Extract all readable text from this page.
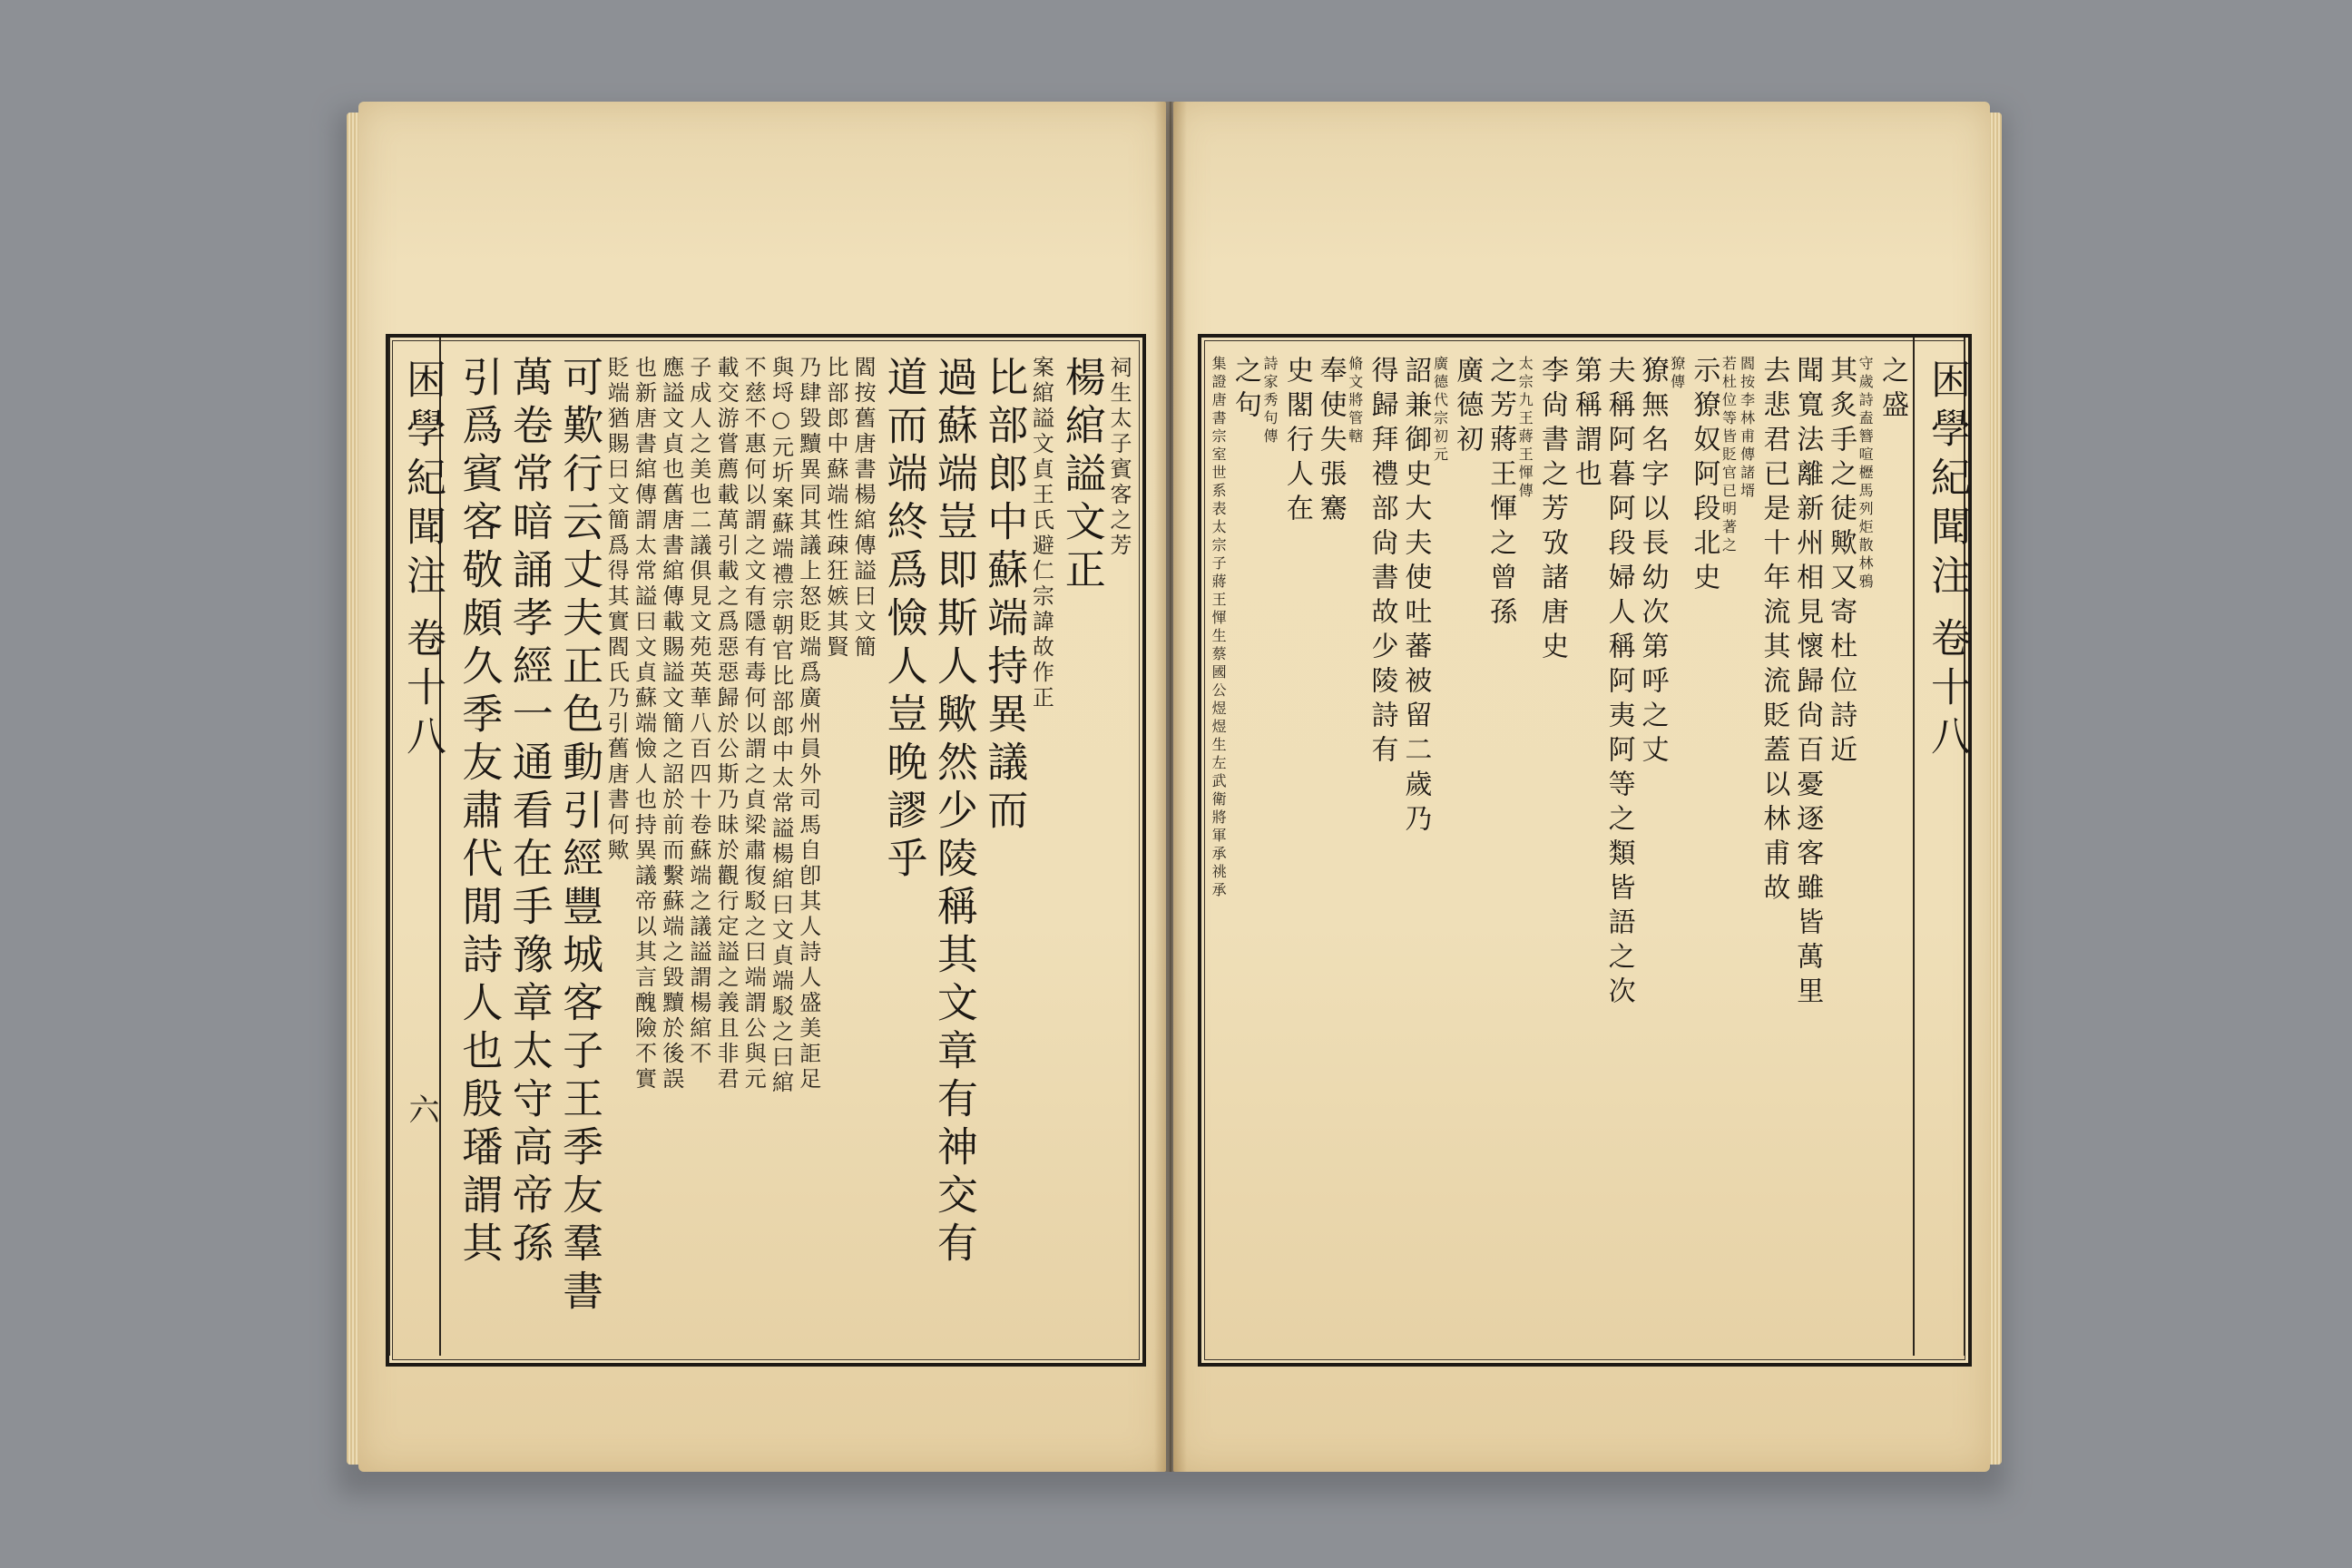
困學紀聞注
卷十八
六
困學紀聞注
卷十八
祠生太子賓客之芳
楊綰謚文正
案綰謚文貞王氏避仁宗諱故作正
比部郎中蘇端持異議而
過蘇端豈即斯人歟然少陵稱其文章有神交有
道而端終爲憸人豈晚謬乎
閻按舊唐書楊綰傳謚曰文簡
比部郎中蘇端性疎狂嫉其賢
乃肆毀黷異同其議上怒貶端爲廣州員外司馬自卽其人詩人盛美詎足
與埒○元圻案蘇端禮宗朝官比部郎中太常謚楊綰曰文貞端駁之曰綰
不慈不惠何以謂之文有隱有毒何以謂之貞梁肅復駁之曰端謂公與元
載交游嘗薦載萬引載之爲惡惡歸於公斯乃昧於觀行定謚之義且非君
子成人之美也二議俱見文苑英華八百四十卷蘇端之議謚謂楊綰不
應謚文貞也舊唐書綰傳載賜謚文簡之詔於前而繫蘇端之毀黷於後誤
也新唐書綰傳謂太常謚曰文貞蘇端憸人也持異議帝以其言醜險不實
貶端猶賜曰文簡爲得其實閻氏乃引舊唐書何歟
可歎行云丈夫正色動引經豐城客子王季友羣書
萬卷常暗誦孝經一通看在手豫章太守高帝孫
引爲賓客敬頗久季友肅代閒詩人也殷璠謂其	之盛
守歲詩盍簪喧櫪馬列炬散林鴉
其炙手之徒歟又寄杜位詩近
聞寬法離新州相見懷歸尙百憂逐客雖皆萬里
去悲君已是十年流其流貶蓋以林甫故
閻按李林甫傳諸壻
若杜位等皆貶官已明著之
示獠奴阿段北史
獠傳
獠無名字以長幼次第呼之丈
夫稱阿暮阿段婦人稱阿夷阿等之類皆語之次
第稱謂也
李尙書之芳攷諸唐史
太宗九王蔣王惲傳
之芳蔣王惲之曾孫
廣德初
廣德代宗初元
詔兼御史大夫使吐蕃被留二歲乃
得歸拜禮部尙書故少陵詩有
脩文將管轄
奉使失張騫
史閣行人在
詩家秀句傳
之句
集證唐書宗室世系表太宗子蔣王惲生蔡國公煜煜生左武衛將軍承祧承
